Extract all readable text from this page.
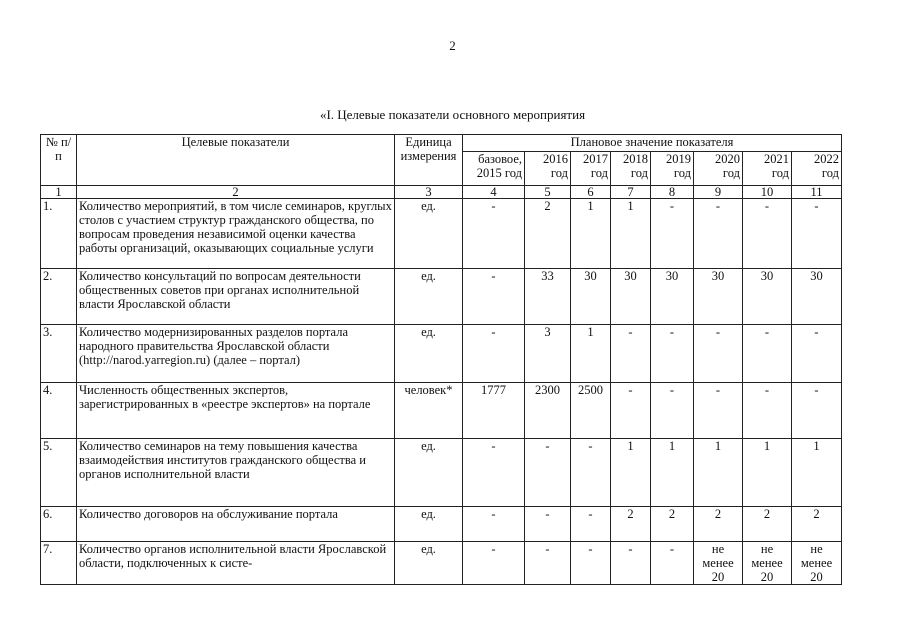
2
«I. Целевые показатели основного мероприятия
№ п/п	Целевые показатели	Единица измерения	Плановое значение показателя							
			базовое, 2015 год	2016 год	2017 год	2018 год	2019 год	2020 год	2021 год	2022 год
1	2	3	4	5	6	7	8	9	10	11
1.	Количество мероприятий, в том числе семинаров, круглых столов с участием структур гражданского общества, по вопросам проведения независимой оценки качества работы организаций, оказывающих социальные услуги	ед.	-	2	1	1	-	-	-	-
2.	Количество консультаций по вопросам деятельности общественных советов при органах исполнительной власти Ярославской области	ед.	-	33	30	30	30	30	30	30
3.	Количество модернизированных разделов портала народного правительства Ярославской области (http://narod.yarregion.ru) (далее – портал)	ед.	-	3	1	-	-	-	-	-
4.	Численность общественных экспертов, зарегистрированных в «реестре экспертов» на портале	человек*	1777	2300	2500	-	-	-	-	-
5.	Количество семинаров на тему повышения качества взаимодействия институтов гражданского общества и органов исполнительной власти	ед.	-	-	-	1	1	1	1	1
6.	Количество договоров на обслуживание портала	ед.	-	-	-	2	2	2	2	2
7.	Количество органов исполнительной власти Ярославской области, подключенных к систе-	ед.	-	-	-	-	-	не менее 20	не менее 20	не менее 20
